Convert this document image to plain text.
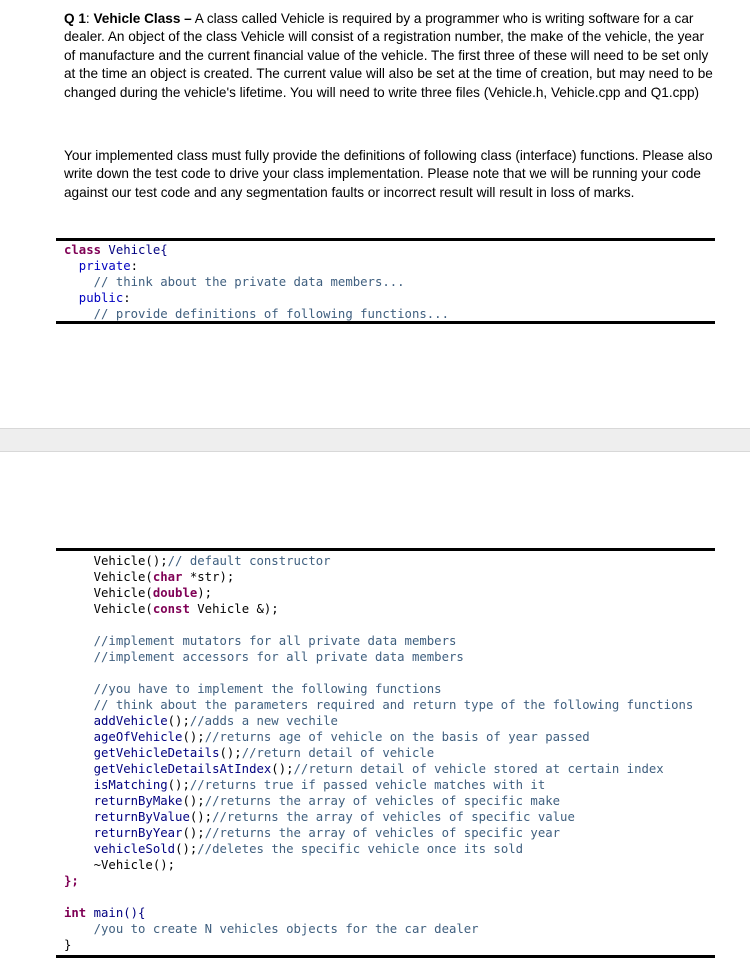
Q 1: Vehicle Class – A class called Vehicle is required by a programmer who is writing software for a car dealer. An object of the class Vehicle will consist of a registration number, the make of the vehicle, the year of manufacture and the current financial value of the vehicle. The first three of these will need to be set only at the time an object is created. The current value will also be set at the time of creation, but may need to be changed during the vehicle's lifetime. You will need to write three files (Vehicle.h, Vehicle.cpp and Q1.cpp)

Your implemented class must fully provide the definitions of following class (interface) functions. Please also write down the test code to drive your class implementation. Please note that we will be running your code against our test code and any segmentation faults or incorrect result will result in loss of marks.

class Vehicle{
private:
// think about the private data members...
public:
// provide definitions of following functions...
Vehicle();// default constructor
Vehicle(char *str);
Vehicle(double);
Vehicle(const Vehicle &);
//implement mutators for all private data members
//implement accessors for all private data members
//you have to implement the following functions
// think about the parameters required and return type of the following functions
addVehicle();//adds a new vechile
ageOfVehicle();//returns age of vehicle on the basis of year passed
getVehicleDetails();//return detail of vehicle
getVehicleDetailsAtIndex();//return detail of vehicle stored at certain index
isMatching();//returns true if passed vehicle matches with it
returnByMake();//returns the array of vehicles of specific make
returnByValue();//returns the array of vehicles of specific value
returnByYear();//returns the array of vehicles of specific year
vehicleSold();//deletes the specific vehicle once its sold
~Vehicle();
};
int main(){
/you to create N vehicles objects for the car dealer
}
